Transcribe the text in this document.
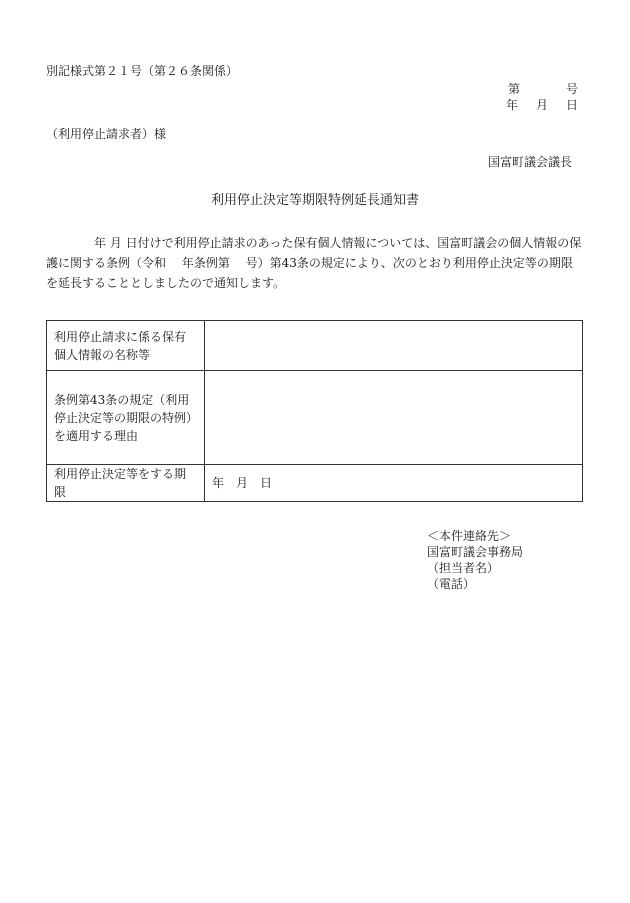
別記様式第２１号（第２６条関係）
第	号
年 月 日
（利用停止請求者）様
国富町議会議長
利用停止決定等期限特例延長通知書
年 月 日付けで利用停止請求のあった保有個人情報については、国富町議会の個人情報の保護に関する条例（令和　 年条例第　 号）第43条の規定により、次のとおり利用停止決定等の期限を延長することとしましたので通知します。
利用停止請求に係る保有個人情報の名称等	
条例第43条の規定（利用停止決定等の期限の特例）を適用する理由	
利用停止決定等をする期限	年 月 日
＜本件連絡先＞
国富町議会事務局
（担当者名）
（電話）
